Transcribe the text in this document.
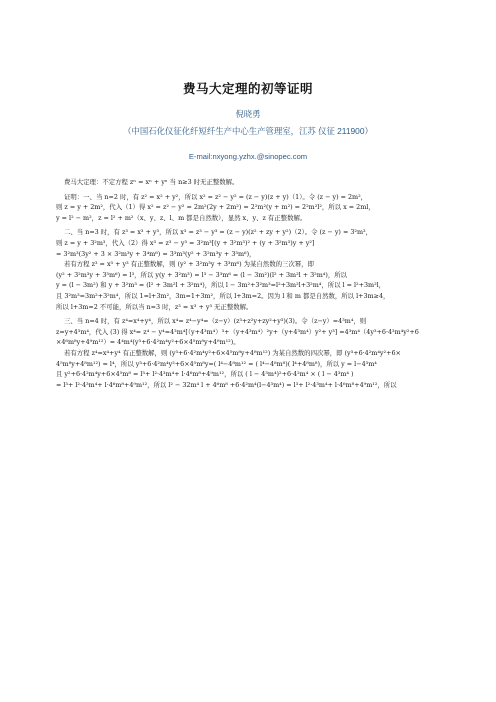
费马大定理的初等证明
倪晓勇
（中国石化仪征化纤短纤生产中心生产管理室，江苏 仪征 211900）
E-mail:nxyong.yzhx.@sinopec.com
费马大定理：不定方程 zⁿ = xⁿ + yⁿ 当 n≥3 时无正整数解。
证明：一、当 n=2 时，有 z² = x² + y²，所以 x² = z² − y² = (z − y)(z + y)（1）。令 (z − y) = 2m²，
则 z = y + 2m²，代入（1）得 x² = z² − y² = 2m²(2y + 2m²) = 2²m²(y + m²) = 2²m²l²，所以 x = 2ml，
y = l² − m²，z = l² + m²（x、y、z、l、m 都是自然数），显然 x、y、z 有正整数解。
二、当 n=3 时，有 z³ = x³ + y³，所以 x³ = z³ − y³ = (z − y)(z² + zy + y²)（2）。令 (z − y) = 3²m³，
则 z = y + 3²m³，代入（2）得 x³ = z³ − y³ = 3²m³[(y + 3²m³)² + (y + 3²m³)y + y²]
= 3²m³(3y² + 3 × 3²m³y + 3⁴m⁶) = 3³m³(y² + 3²m³y + 3³m⁶)，
若有方程 z³ = x³ + y³ 有正整数解，则 (y² + 3²m³y + 3³m⁶) 为某自然数的三次幂，即
(y² + 3²m³y + 3³m⁶) = l³，所以 y(y + 3²m³) = l³ − 3³m⁶ = (l − 3m²)(l² + 3m²l + 3²m⁴)，所以
y = (l − 3m²) 和 y + 3²m³ = (l² + 3m²l + 3²m⁴)，所以 l − 3m²+3²m³=l²+3m²l+3²m⁴，所以 l = l²+3m²l，
且 3²m³=3m²+3²m⁴，所以 1=l+3m²，3m=1+3m²，所以 l+3m=2。因为 l 和 m 都是自然数，所以 l+3m≥4，
所以 l+3m=2 不可能，所以当 n=3 时，z³ = x³ + y³ 无正整数解。
三、当 n=4 时，有 z⁴=x⁴+y⁴，所以 x⁴= z⁴−y⁴=（z−y）(z³+z²y+zy²+y³)(3)。令（z−y）=4³m⁴，则
z=y+4³m⁴，代入 (3) 得 x⁴= z⁴ − y⁴=4³m⁴[（y+4³m⁴）³+（y+4³m⁴）²y+（y+4³m⁴）y²+ y³] =4³m⁴（4y³+6·4³m⁴y²+6
×4⁶m⁸y+4⁹m¹²）= 4⁴m⁴(y³+6·4²m⁴y²+6×4⁵m⁸y+4⁸m¹²)。
若有方程 z⁴=x⁴+y⁴ 有正整数解，则 (y³+6·4²m⁴y²+6×4⁵m⁸y+4⁸m¹²) 为某自然数的四次幂，即 (y³+6·4²m⁴y²+6×
4⁵m⁸y+4⁸m¹²) = l⁴，所以 y³+6·4²m⁴y²+6×4⁵m⁸y=( l⁴−4⁸m¹² = ( l⁴−4⁸m⁸)( l⁴+4⁸m⁸)，所以 y = l−4³m⁴
且 y²+6·4²m⁴y+6×4⁵m⁸ = l³+ l²·4³m⁴+ l·4⁶m⁸+4⁹m¹²，所以 ( l − 4³m⁴)²+6·4²m⁴ × ( l − 4³m⁴ )
= l³+ l²·4³m⁴+ l·4⁶m⁸+4⁹m¹²，所以 l² − 32m⁴ l + 4⁶m⁸ +6·4²m⁴(l−4³m⁴) = l³+ l²·4³m⁴+ l·4⁶m⁸+4⁹m¹²，所以
